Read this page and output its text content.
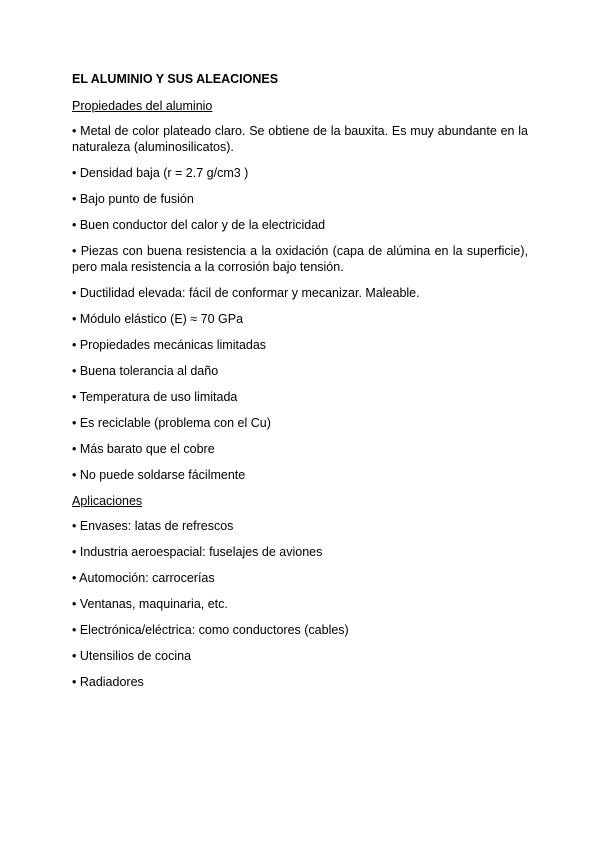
EL ALUMINIO Y SUS ALEACIONES
Propiedades del aluminio
• Metal de color plateado claro. Se obtiene de la bauxita. Es muy abundante en la naturaleza (aluminosilicatos).
• Densidad baja (r = 2.7 g/cm3 )
• Bajo punto de fusión
• Buen conductor del calor y de la electricidad
• Piezas con buena resistencia a la oxidación (capa de alúmina en la superficie), pero mala resistencia a la corrosión bajo tensión.
• Ductilidad elevada: fácil de conformar y mecanizar. Maleable.
• Módulo elástico (E) ≈ 70 GPa
• Propiedades mecánicas limitadas
• Buena tolerancia al daño
• Temperatura de uso limitada
• Es reciclable (problema con el Cu)
• Más barato que el cobre
• No puede soldarse fácilmente
Aplicaciones
• Envases: latas de refrescos
• Industria aeroespacial: fuselajes de aviones
• Automoción: carrocerías
• Ventanas, maquinaria, etc.
• Electrónica/eléctrica: como conductores (cables)
• Utensilios de cocina
• Radiadores
